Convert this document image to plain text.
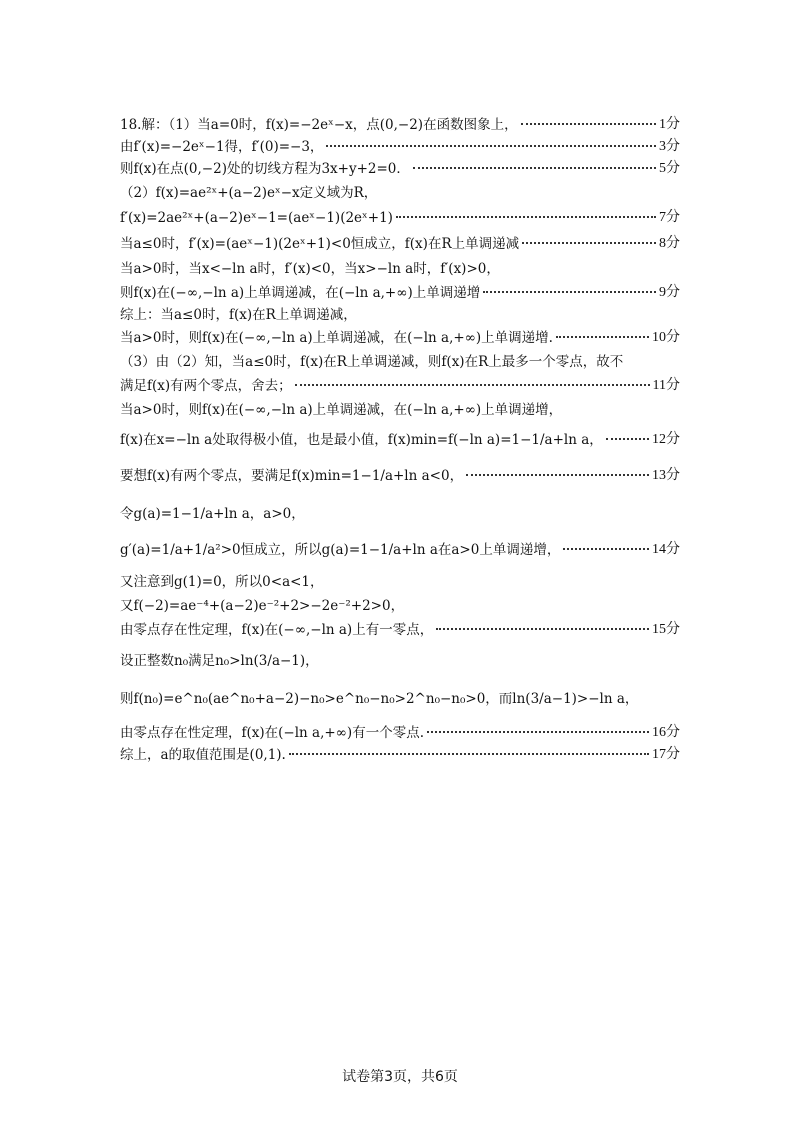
18.解：（1）当a=0时，f(x)=−2eˣ−x，点(0,−2)在函数图象上，	1分
由f′(x)=−2eˣ−1得，f′(0)=−3，	3分
则f(x)在点(0,−2)处的切线方程为3x+y+2=0．	5分
（2）f(x)=ae²ˣ+(a−2)eˣ−x定义域为R，
f′(x)=2ae²ˣ+(a−2)eˣ−1=(aeˣ−1)(2eˣ+1)	7分
当a≤0时，f′(x)=(aeˣ−1)(2eˣ+1)<0恒成立，f(x)在R上单调递减	8分
当a>0时，当x<−ln a时，f′(x)<0，当x>−ln a时，f′(x)>0，
则f(x)在(−∞,−ln a)上单调递减，在(−ln a,+∞)上单调递增	9分
综上：当a≤0时，f(x)在R上单调递减，
当a>0时，则f(x)在(−∞,−ln a)上单调递减，在(−ln a,+∞)上单调递增.	10分
（3）由（2）知，当a≤0时，f(x)在R上单调递减，则f(x)在R上最多一个零点，故不
满足f(x)有两个零点，舍去；	11分
当a>0时，则f(x)在(−∞,−ln a)上单调递减，在(−ln a,+∞)上单调递增，
f(x)在x=−ln a处取得极小值，也是最小值，f(x)min=f(−ln a)=1−1/a+ln a，	12分
要想f(x)有两个零点，要满足f(x)min=1−1/a+ln a<0，	13分
令g(a)=1−1/a+ln a，a>0，
g′(a)=1/a+1/a²>0恒成立，所以g(a)=1−1/a+ln a在a>0上单调递增，	14分
又注意到g(1)=0，所以0<a<1，
又f(−2)=ae⁻⁴+(a−2)e⁻²+2>−2e⁻²+2>0，
由零点存在性定理，f(x)在(−∞,−ln a)上有一零点，	15分
设正整数n₀满足n₀>ln(3/a−1)，
则f(n₀)=e^n₀(ae^n₀+a−2)−n₀>e^n₀−n₀>2^n₀−n₀>0，而ln(3/a−1)>−ln a，
由零点存在性定理，f(x)在(−ln a,+∞)有一个零点.	16分
综上，a的取值范围是(0,1).	17分
试卷第3页，共6页
